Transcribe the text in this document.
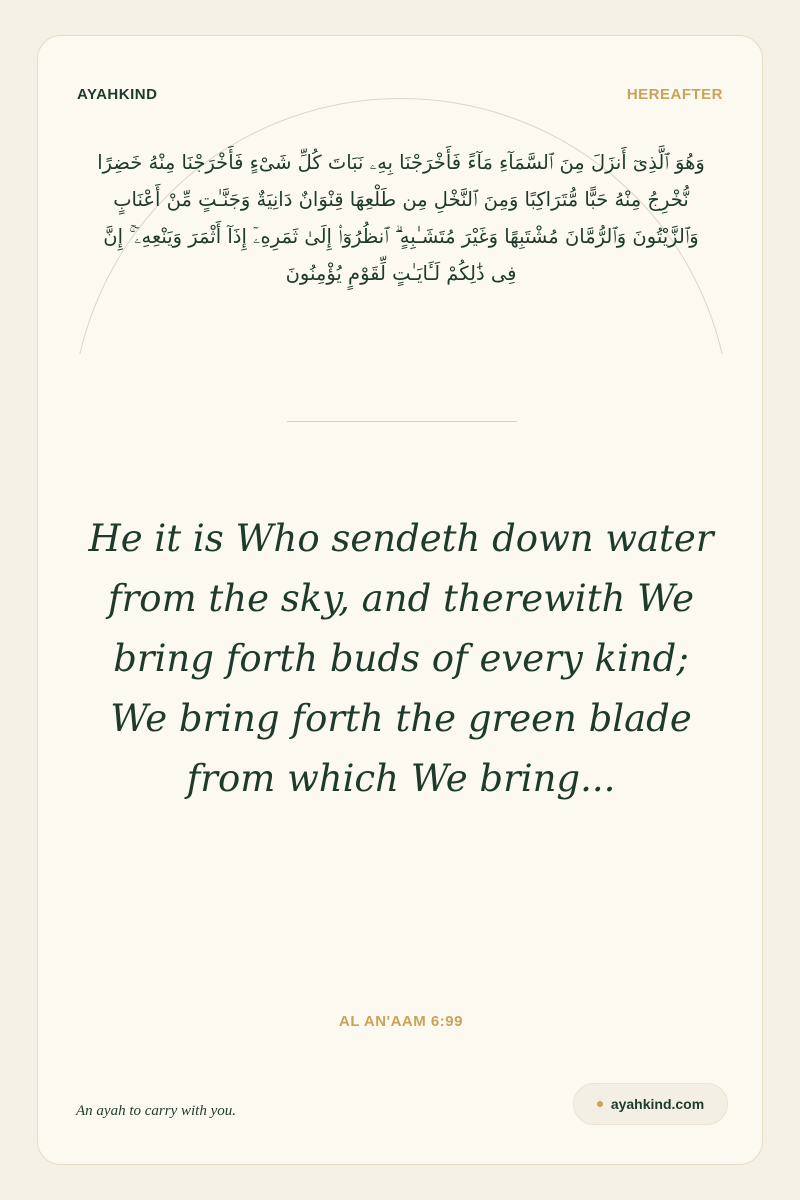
AYAHKIND	HEREAFTER
وَهُوَ ٱلَّذِىٓ أَنزَلَ مِنَ ٱلسَّمَآءِ مَآءً فَأَخْرَجْنَا بِهِۦ نَبَاتَ كُلِّ شَىْءٍ فَأَخْرَجْنَا مِنْهُ خَضِرًا نُّخْرِجُ مِنْهُ حَبًّا مُّتَرَاكِبًا وَمِنَ ٱلنَّخْلِ مِن طَلْعِهَا قِنْوَانٌ دَانِيَةٌ وَجَنَّـٰتٍ مِّنْ أَعْنَابٍ وَٱلزَّيْتُونَ وَٱلرُّمَّانَ مُشْتَبِهًا وَغَيْرَ مُتَشَـٰبِهٍ ۗ ٱنظُرُوٓا۟ إِلَىٰ ثَمَرِهِۦٓ إِذَآ أَثْمَرَ وَيَنْعِهِۦٓ ۚ إِنَّ فِى ذَٰلِكُمْ لَـَٔايَـٰتٍ لِّقَوْمٍ يُؤْمِنُونَ
He it is Who sendeth down water from the sky, and therewith We bring forth buds of every kind; We bring forth the green blade from which We bring...
AL AN'AAM 6:99
An ayah to carry with you.	ayahkind.com
